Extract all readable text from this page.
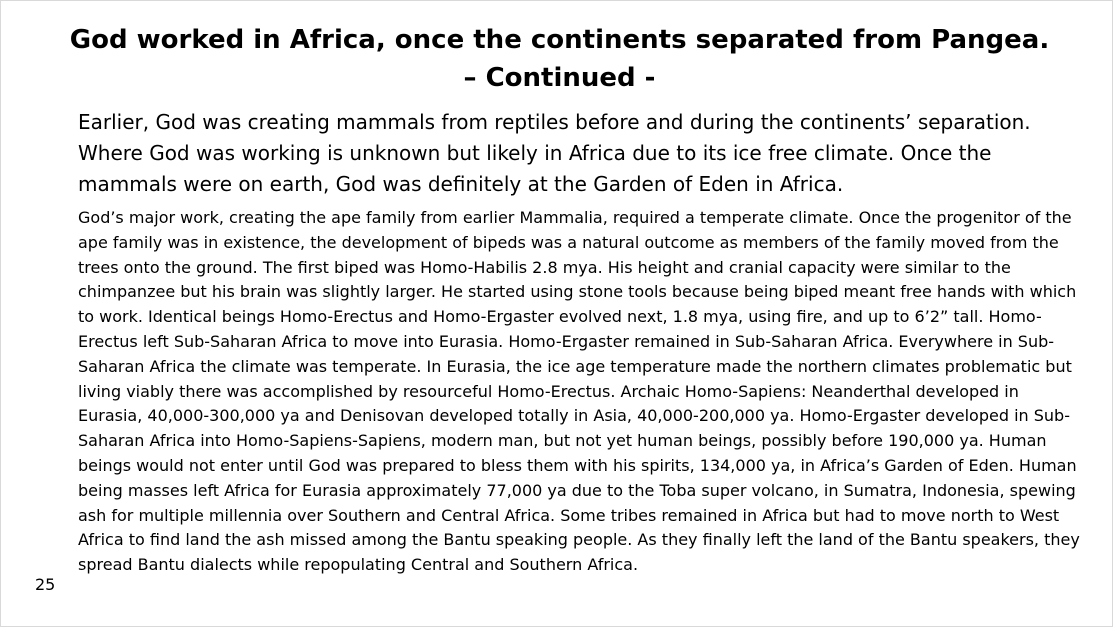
God worked in Africa, once the continents separated from Pangea.
– Continued -

Earlier, God was creating mammals from reptiles before and during the continents’ separation. Where God was working is unknown but likely in Africa due to its ice free climate. Once the mammals were on earth, God was definitely at the Garden of Eden in Africa.

God’s major work, creating the ape family from earlier Mammalia, required a temperate climate. Once the progenitor of the ape family was in existence, the development of bipeds was a natural outcome as members of the family moved from the trees onto the ground. The first biped was Homo-Habilis 2.8 mya. His height and cranial capacity were similar to the chimpanzee but his brain was slightly larger. He started using stone tools because being biped meant free hands with which to work. Identical beings Homo-Erectus and Homo-Ergaster evolved next, 1.8 mya, using fire, and up to 6’2” tall. Homo-Erectus left Sub-Saharan Africa to move into Eurasia. Homo-Ergaster remained in Sub-Saharan Africa. Everywhere in Sub-Saharan Africa the climate was temperate. In Eurasia, the ice age temperature made the northern climates problematic but living viably there was accomplished by resourceful Homo-Erectus. Archaic Homo-Sapiens: Neanderthal developed in Eurasia, 40,000-300,000 ya and Denisovan developed totally in Asia, 40,000-200,000 ya. Homo-Ergaster developed in Sub-Saharan Africa into Homo-Sapiens-Sapiens, modern man, but not yet human beings, possibly before 190,000 ya. Human beings would not enter until God was prepared to bless them with his spirits, 134,000 ya, in Africa’s Garden of Eden. Human being masses left Africa for Eurasia approximately 77,000 ya due to the Toba super volcano, in Sumatra, Indonesia, spewing ash for multiple millennia over Southern and Central Africa. Some tribes remained in Africa but had to move north to West Africa to find land the ash missed among the Bantu speaking people. As they finally left the land of the Bantu speakers, they spread Bantu dialects while repopulating Central and Southern Africa.

25
